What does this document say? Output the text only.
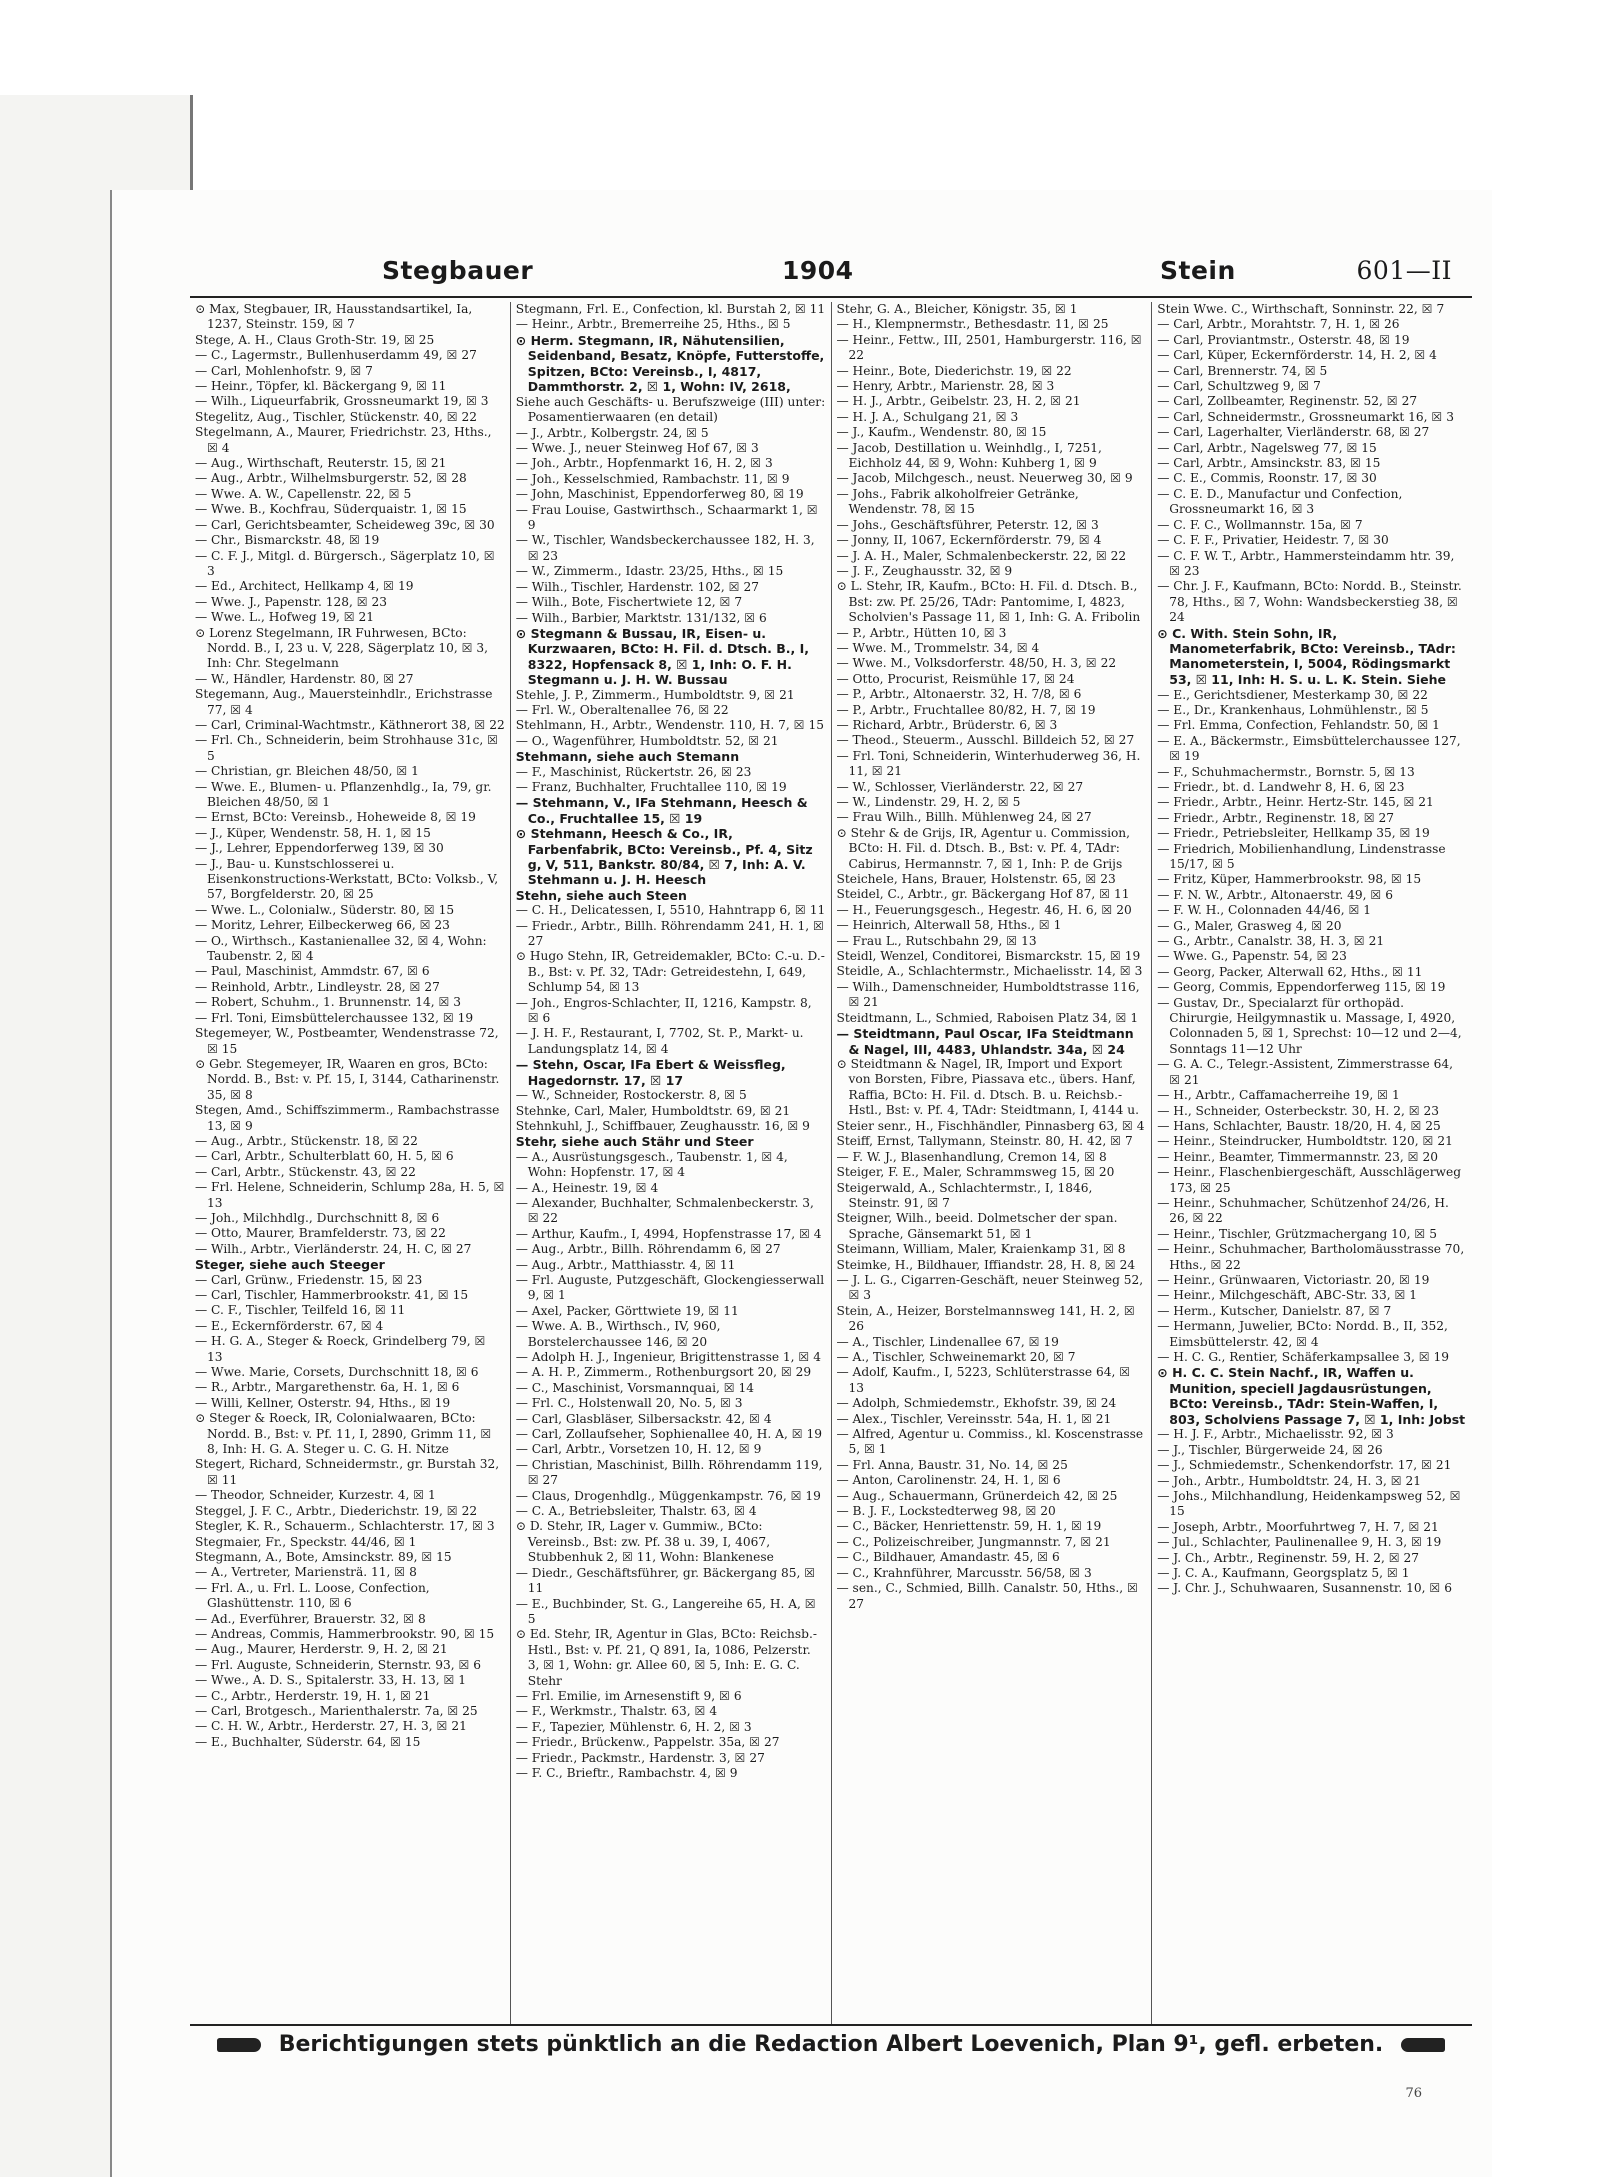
Stegbauer	1904	Stein	601—II

⊙ Max, Stegbauer, IR, Hausstandsartikel, Ia, 1237, Steinstr. 159, ☒ 7

Stege, A. H., Claus Groth-Str. 19, ☒ 25

— C., Lagermstr., Bullenhuserdamm 49, ☒ 27

— Carl, Mohlenhofstr. 9, ☒ 7

— Heinr., Töpfer, kl. Bäckergang 9, ☒ 11

— Wilh., Liqueurfabrik, Grossneumarkt 19, ☒ 3

Stegelitz, Aug., Tischler, Stückenstr. 40, ☒ 22

Stegelmann, A., Maurer, Friedrichstr. 23, Hths., ☒ 4

— Aug., Wirthschaft, Reuterstr. 15, ☒ 21

— Aug., Arbtr., Wilhelmsburgerstr. 52, ☒ 28

— Wwe. A. W., Capellenstr. 22, ☒ 5

— Wwe. B., Kochfrau, Süderquaistr. 1, ☒ 15

— Carl, Gerichtsbeamter, Scheideweg 39c, ☒ 30

— Chr., Bismarckstr. 48, ☒ 19

— C. F. J., Mitgl. d. Bürgersch., Sägerplatz 10, ☒ 3

— Ed., Architect, Hellkamp 4, ☒ 19

— Wwe. J., Papenstr. 128, ☒ 23

— Wwe. L., Hofweg 19, ☒ 21

⊙ Lorenz Stegelmann, IR Fuhrwesen, BCto: Nordd. B., I, 23 u. V, 228, Sägerplatz 10, ☒ 3, Inh: Chr. Stegelmann

— W., Händler, Hardenstr. 80, ☒ 27

Stegemann, Aug., Mauersteinhdlr., Erichstrasse 77, ☒ 4

— Carl, Criminal-Wachtmstr., Käthnerort 38, ☒ 22

— Frl. Ch., Schneiderin, beim Strohhause 31c, ☒ 5

— Christian, gr. Bleichen 48/50, ☒ 1

— Wwe. E., Blumen- u. Pflanzenhdlg., Ia, 79, gr. Bleichen 48/50, ☒ 1

— Ernst, BCto: Vereinsb., Hoheweide 8, ☒ 19

— J., Küper, Wendenstr. 58, H. 1, ☒ 15

— J., Lehrer, Eppendorferweg 139, ☒ 30

— J., Bau- u. Kunstschlosserei u. Eisenkonstructions-Werkstatt, BCto: Volksb., V, 57, Borgfelderstr. 20, ☒ 25

— Wwe. L., Colonialw., Süderstr. 80, ☒ 15

— Moritz, Lehrer, Eilbeckerweg 66, ☒ 23

— O., Wirthsch., Kastanienallee 32, ☒ 4, Wohn: Taubenstr. 2, ☒ 4

— Paul, Maschinist, Ammdstr. 67, ☒ 6

— Reinhold, Arbtr., Lindleystr. 28, ☒ 27

— Robert, Schuhm., 1. Brunnenstr. 14, ☒ 3

— Frl. Toni, Eimsbüttelerchaussee 132, ☒ 19

Stegemeyer, W., Postbeamter, Wendenstrasse 72, ☒ 15

⊙ Gebr. Stegemeyer, IR, Waaren en gros, BCto: Nordd. B., Bst: v. Pf. 15, I, 3144, Catharinenstr. 35, ☒ 8

Stegen, Amd., Schiffszimmerm., Rambachstrasse 13, ☒ 9

— Aug., Arbtr., Stückenstr. 18, ☒ 22

— Carl, Arbtr., Schulterblatt 60, H. 5, ☒ 6

— Carl, Arbtr., Stückenstr. 43, ☒ 22

— Frl. Helene, Schneiderin, Schlump 28a, H. 5, ☒ 13

— Joh., Milchhdlg., Durchschnitt 8, ☒ 6

— Otto, Maurer, Bramfelderstr. 73, ☒ 22

— Wilh., Arbtr., Vierländerstr. 24, H. C, ☒ 27

Steger, siehe auch Steeger

— Carl, Grünw., Friedenstr. 15, ☒ 23

— Carl, Tischler, Hammerbrookstr. 41, ☒ 15

— C. F., Tischler, Teilfeld 16, ☒ 11

— E., Eckernförderstr. 67, ☒ 4

— H. G. A., Steger & Roeck, Grindelberg 79, ☒ 13

— Wwe. Marie, Corsets, Durchschnitt 18, ☒ 6

— R., Arbtr., Margarethenstr. 6a, H. 1, ☒ 6

— Willi, Kellner, Osterstr. 94, Hths., ☒ 19

⊙ Steger & Roeck, IR, Colonialwaaren, BCto: Nordd. B., Bst: v. Pf. 11, I, 2890, Grimm 11, ☒ 8, Inh: H. G. A. Steger u. C. G. H. Nitze

Stegert, Richard, Schneidermstr., gr. Burstah 32, ☒ 11

— Theodor, Schneider, Kurzestr. 4, ☒ 1

Steggel, J. F. C., Arbtr., Diederichstr. 19, ☒ 22

Stegler, K. R., Schauerm., Schlachterstr. 17, ☒ 3

Stegmaier, Fr., Speckstr. 44/46, ☒ 1

Stegmann, A., Bote, Amsinckstr. 89, ☒ 15

— A., Vertreter, Mariensträ. 11, ☒ 8

— Frl. A., u. Frl. L. Loose, Confection, Glashüttenstr. 110, ☒ 6

— Ad., Everführer, Brauerstr. 32, ☒ 8

— Andreas, Commis, Hammerbrookstr. 90, ☒ 15

— Aug., Maurer, Herderstr. 9, H. 2, ☒ 21

— Frl. Auguste, Schneiderin, Sternstr. 93, ☒ 6

— Wwe., A. D. S., Spitalerstr. 33, H. 13, ☒ 1

— C., Arbtr., Herderstr. 19, H. 1, ☒ 21

— Carl, Brotgesch., Marienthalerstr. 7a, ☒ 25

— C. H. W., Arbtr., Herderstr. 27, H. 3, ☒ 21

— E., Buchhalter, Süderstr. 64, ☒ 15

Stegmann, Frl. E., Confection, kl. Burstah 2, ☒ 11

— Heinr., Arbtr., Bremerreihe 25, Hths., ☒ 5

⊙ Herm. Stegmann, IR, Nähutensilien, Seidenband, Besatz, Knöpfe, Futterstoffe, Spitzen, BCto: Vereinsb., I, 4817, Dammthorstr. 2, ☒ 1, Wohn: IV, 2618,

Siehe auch Geschäfts- u. Berufszweige (III) unter: Posamentierwaaren (en detail)

— J., Arbtr., Kolbergstr. 24, ☒ 5

— Wwe. J., neuer Steinweg Hof 67, ☒ 3

— Joh., Arbtr., Hopfenmarkt 16, H. 2, ☒ 3

— Joh., Kesselschmied, Rambachstr. 11, ☒ 9

— John, Maschinist, Eppendorferweg 80, ☒ 19

— Frau Louise, Gastwirthsch., Schaarmarkt 1, ☒ 9

— W., Tischler, Wandsbeckerchaussee 182, H. 3, ☒ 23

— W., Zimmerm., Idastr. 23/25, Hths., ☒ 15

— Wilh., Tischler, Hardenstr. 102, ☒ 27

— Wilh., Bote, Fischertwiete 12, ☒ 7

— Wilh., Barbier, Marktstr. 131/132, ☒ 6

⊙ Stegmann & Bussau, IR, Eisen- u. Kurzwaaren, BCto: H. Fil. d. Dtsch. B., I, 8322, Hopfensack 8, ☒ 1, Inh: O. F. H. Stegmann u. J. H. W. Bussau

Stehle, J. P., Zimmerm., Humboldtstr. 9, ☒ 21

— Frl. W., Oberaltenallee 76, ☒ 22

Stehlmann, H., Arbtr., Wendenstr. 110, H. 7, ☒ 15

— O., Wagenführer, Humboldtstr. 52, ☒ 21

Stehmann, siehe auch Stemann

— F., Maschinist, Rückertstr. 26, ☒ 23

— Franz, Buchhalter, Fruchtallee 110, ☒ 19

— Stehmann, V., IFa Stehmann, Heesch & Co., Fruchtallee 15, ☒ 19

⊙ Stehmann, Heesch & Co., IR, Farbenfabrik, BCto: Vereinsb., Pf. 4, Sitz g, V, 511, Bankstr. 80/84, ☒ 7, Inh: A. V. Stehmann u. J. H. Heesch

Stehn, siehe auch Steen

— C. H., Delicatessen, I, 5510, Hahntrapp 6, ☒ 11

— Friedr., Arbtr., Billh. Röhrendamm 241, H. 1, ☒ 27

⊙ Hugo Stehn, IR, Getreidemakler, BCto: C.-u. D.-B., Bst: v. Pf. 32, TAdr: Getreidestehn, I, 649, Schlump 54, ☒ 13

— Joh., Engros-Schlachter, II, 1216, Kampstr. 8, ☒ 6

— J. H. F., Restaurant, I, 7702, St. P., Markt- u. Landungsplatz 14, ☒ 4

— Stehn, Oscar, IFa Ebert & Weissfleg, Hagedornstr. 17, ☒ 17

— W., Schneider, Rostockerstr. 8, ☒ 5

Stehnke, Carl, Maler, Humboldtstr. 69, ☒ 21

Stehnkuhl, J., Schiffbauer, Zeughausstr. 16, ☒ 9

Stehr, siehe auch Stähr und Steer

— A., Ausrüstungsgesch., Taubenstr. 1, ☒ 4, Wohn: Hopfenstr. 17, ☒ 4

— A., Heinestr. 19, ☒ 4

— Alexander, Buchhalter, Schmalenbeckerstr. 3, ☒ 22

— Arthur, Kaufm., I, 4994, Hopfenstrasse 17, ☒ 4

— Aug., Arbtr., Billh. Röhrendamm 6, ☒ 27

— Aug., Arbtr., Matthiasstr. 4, ☒ 11

— Frl. Auguste, Putzgeschäft, Glockengiesserwall 9, ☒ 1

— Axel, Packer, Görttwiete 19, ☒ 11

— Wwe. A. B., Wirthsch., IV, 960, Borstelerchaussee 146, ☒ 20

— Adolph H. J., Ingenieur, Brigittenstrasse 1, ☒ 4

— A. H. P., Zimmerm., Rothenburgsort 20, ☒ 29

— C., Maschinist, Vorsmannquai, ☒ 14

— Frl. C., Holstenwall 20, No. 5, ☒ 3

— Carl, Glasbläser, Silbersackstr. 42, ☒ 4

— Carl, Zollaufseher, Sophienallee 40, H. A, ☒ 19

— Carl, Arbtr., Vorsetzen 10, H. 12, ☒ 9

— Christian, Maschinist, Billh. Röhrendamm 119, ☒ 27

— Claus, Drogenhdlg., Müggenkampstr. 76, ☒ 19

— C. A., Betriebsleiter, Thalstr. 63, ☒ 4

⊙ D. Stehr, IR, Lager v. Gummiw., BCto: Vereinsb., Bst: zw. Pf. 38 u. 39, I, 4067, Stubbenhuk 2, ☒ 11, Wohn: Blankenese

— Diedr., Geschäftsführer, gr. Bäckergang 85, ☒ 11

— E., Buchbinder, St. G., Langereihe 65, H. A, ☒ 5

⊙ Ed. Stehr, IR, Agentur in Glas, BCto: Reichsb.-Hstl., Bst: v. Pf. 21, Q 891, Ia, 1086, Pelzerstr. 3, ☒ 1, Wohn: gr. Allee 60, ☒ 5, Inh: E. G. C. Stehr

— Frl. Emilie, im Arnesenstift 9, ☒ 6

— F., Werkmstr., Thalstr. 63, ☒ 4

— F., Tapezier, Mühlenstr. 6, H. 2, ☒ 3

— Friedr., Brückenw., Pappelstr. 35a, ☒ 27

— Friedr., Packmstr., Hardenstr. 3, ☒ 27

— F. C., Brieftr., Rambachstr. 4, ☒ 9

Stehr, G. A., Bleicher, Königstr. 35, ☒ 1

— H., Klempnermstr., Bethesdastr. 11, ☒ 25

— Heinr., Fettw., III, 2501, Hamburgerstr. 116, ☒ 22

— Heinr., Bote, Diederichstr. 19, ☒ 22

— Henry, Arbtr., Marienstr. 28, ☒ 3

— H. J., Arbtr., Geibelstr. 23, H. 2, ☒ 21

— H. J. A., Schulgang 21, ☒ 3

— J., Kaufm., Wendenstr. 80, ☒ 15

— Jacob, Destillation u. Weinhdlg., I, 7251, Eichholz 44, ☒ 9, Wohn: Kuhberg 1, ☒ 9

— Jacob, Milchgesch., neust. Neuerweg 30, ☒ 9

— Johs., Fabrik alkoholfreier Getränke, Wendenstr. 78, ☒ 15

— Johs., Geschäftsführer, Peterstr. 12, ☒ 3

— Jonny, II, 1067, Eckernförderstr. 79, ☒ 4

— J. A. H., Maler, Schmalenbeckerstr. 22, ☒ 22

— J. F., Zeughausstr. 32, ☒ 9

⊙ L. Stehr, IR, Kaufm., BCto: H. Fil. d. Dtsch. B., Bst: zw. Pf. 25/26, TAdr: Pantomime, I, 4823, Scholvien's Passage 11, ☒ 1, Inh: G. A. Fribolin

— P., Arbtr., Hütten 10, ☒ 3

— Wwe. M., Trommelstr. 34, ☒ 4

— Wwe. M., Volksdorferstr. 48/50, H. 3, ☒ 22

— Otto, Procurist, Reismühle 17, ☒ 24

— P., Arbtr., Altonaerstr. 32, H. 7/8, ☒ 6

— P., Arbtr., Fruchtallee 80/82, H. 7, ☒ 19

— Richard, Arbtr., Brüderstr. 6, ☒ 3

— Theod., Steuerm., Ausschl. Billdeich 52, ☒ 27

— Frl. Toni, Schneiderin, Winterhuderweg 36, H. 11, ☒ 21

— W., Schlosser, Vierländerstr. 22, ☒ 27

— W., Lindenstr. 29, H. 2, ☒ 5

— Frau Wilh., Billh. Mühlenweg 24, ☒ 27

⊙ Stehr & de Grijs, IR, Agentur u. Commission, BCto: H. Fil. d. Dtsch. B., Bst: v. Pf. 4, TAdr: Cabirus, Hermannstr. 7, ☒ 1, Inh: P. de Grijs

Steichele, Hans, Brauer, Holstenstr. 65, ☒ 23

Steidel, C., Arbtr., gr. Bäckergang Hof 87, ☒ 11

— H., Feuerungsgesch., Hegestr. 46, H. 6, ☒ 20

— Heinrich, Alterwall 58, Hths., ☒ 1

— Frau L., Rutschbahn 29, ☒ 13

Steidl, Wenzel, Conditorei, Bismarckstr. 15, ☒ 19

Steidle, A., Schlachtermstr., Michaelisstr. 14, ☒ 3

— Wilh., Damenschneider, Humboldtstrasse 116, ☒ 21

Steidtmann, L., Schmied, Raboisen Platz 34, ☒ 1

— Steidtmann, Paul Oscar, IFa Steidtmann & Nagel, III, 4483, Uhlandstr. 34a, ☒ 24

⊙ Steidtmann & Nagel, IR, Import und Export von Borsten, Fibre, Piassava etc., übers. Hanf, Raffia, BCto: H. Fil. d. Dtsch. B. u. Reichsb.-Hstl., Bst: v. Pf. 4, TAdr: Steidtmann, I, 4144 u.

Steier senr., H., Fischhändler, Pinnasberg 63, ☒ 4

Steiff, Ernst, Tallymann, Steinstr. 80, H. 42, ☒ 7

— F. W. J., Blasenhandlung, Cremon 14, ☒ 8

Steiger, F. E., Maler, Schrammsweg 15, ☒ 20

Steigerwald, A., Schlachtermstr., I, 1846, Steinstr. 91, ☒ 7

Steigner, Wilh., beeid. Dolmetscher der span. Sprache, Gänsemarkt 51, ☒ 1

Steimann, William, Maler, Kraienkamp 31, ☒ 8

Steimke, H., Bildhauer, Iffiandstr. 28, H. 8, ☒ 24

— J. L. G., Cigarren-Geschäft, neuer Steinweg 52, ☒ 3

Stein, A., Heizer, Borstelmannsweg 141, H. 2, ☒ 26

— A., Tischler, Lindenallee 67, ☒ 19

— A., Tischler, Schweinemarkt 20, ☒ 7

— Adolf, Kaufm., I, 5223, Schlüterstrasse 64, ☒ 13

— Adolph, Schmiedemstr., Ekhofstr. 39, ☒ 24

— Alex., Tischler, Vereinsstr. 54a, H. 1, ☒ 21

— Alfred, Agentur u. Commiss., kl. Koscenstrasse 5, ☒ 1

— Frl. Anna, Baustr. 31, No. 14, ☒ 25

— Anton, Carolinenstr. 24, H. 1, ☒ 6

— Aug., Schauermann, Grünerdeich 42, ☒ 25

— B. J. F., Lockstedterweg 98, ☒ 20

— C., Bäcker, Henriettenstr. 59, H. 1, ☒ 19

— C., Polizeischreiber, Jungmannstr. 7, ☒ 21

— C., Bildhauer, Amandastr. 45, ☒ 6

— C., Krahnführer, Marcusstr. 56/58, ☒ 3

— sen., C., Schmied, Billh. Canalstr. 50, Hths., ☒ 27

Stein Wwe. C., Wirthschaft, Sonninstr. 22, ☒ 7

— Carl, Arbtr., Morahtstr. 7, H. 1, ☒ 26

— Carl, Proviantmstr., Osterstr. 48, ☒ 19

— Carl, Küper, Eckernförderstr. 14, H. 2, ☒ 4

— Carl, Brennerstr. 74, ☒ 5

— Carl, Schultzweg 9, ☒ 7

— Carl, Zollbeamter, Reginenstr. 52, ☒ 27

— Carl, Schneidermstr., Grossneumarkt 16, ☒ 3

— Carl, Lagerhalter, Vierländerstr. 68, ☒ 27

— Carl, Arbtr., Nagelsweg 77, ☒ 15

— Carl, Arbtr., Amsinckstr. 83, ☒ 15

— C. E., Commis, Roonstr. 17, ☒ 30

— C. E. D., Manufactur und Confection, Grossneumarkt 16, ☒ 3

— C. F. C., Wollmannstr. 15a, ☒ 7

— C. F. F., Privatier, Heidestr. 7, ☒ 30

— C. F. W. T., Arbtr., Hammersteindamm htr. 39, ☒ 23

— Chr. J. F., Kaufmann, BCto: Nordd. B., Steinstr. 78, Hths., ☒ 7, Wohn: Wandsbeckerstieg 38, ☒ 24

⊙ C. With. Stein Sohn, IR, Manometerfabrik, BCto: Vereinsb., TAdr: Manometerstein, I, 5004, Rödingsmarkt 53, ☒ 11, Inh: H. S. u. L. K. Stein. Siehe

— E., Gerichtsdiener, Mesterkamp 30, ☒ 22

— E., Dr., Krankenhaus, Lohmühlenstr., ☒ 5

— Frl. Emma, Confection, Fehlandstr. 50, ☒ 1

— E. A., Bäckermstr., Eimsbüttelerchaussee 127, ☒ 19

— F., Schuhmachermstr., Bornstr. 5, ☒ 13

— Friedr., bt. d. Landwehr 8, H. 6, ☒ 23

— Friedr., Arbtr., Heinr. Hertz-Str. 145, ☒ 21

— Friedr., Arbtr., Reginenstr. 18, ☒ 27

— Friedr., Petriebsleiter, Hellkamp 35, ☒ 19

— Friedrich, Mobilienhandlung, Lindenstrasse 15/17, ☒ 5

— Fritz, Küper, Hammerbrookstr. 98, ☒ 15

— F. N. W., Arbtr., Altonaerstr. 49, ☒ 6

— F. W. H., Colonnaden 44/46, ☒ 1

— G., Maler, Grasweg 4, ☒ 20

— G., Arbtr., Canalstr. 38, H. 3, ☒ 21

— Wwe. G., Papenstr. 54, ☒ 23

— Georg, Packer, Alterwall 62, Hths., ☒ 11

— Georg, Commis, Eppendorferweg 115, ☒ 19

— Gustav, Dr., Specialarzt für orthopäd. Chirurgie, Heilgymnastik u. Massage, I, 4920, Colonnaden 5, ☒ 1, Sprechst: 10—12 und 2—4, Sonntags 11—12 Uhr

— G. A. C., Telegr.-Assistent, Zimmerstrasse 64, ☒ 21

— H., Arbtr., Caffamacherreihe 19, ☒ 1

— H., Schneider, Osterbeckstr. 30, H. 2, ☒ 23

— Hans, Schlachter, Baustr. 18/20, H. 4, ☒ 25

— Heinr., Steindrucker, Humboldtstr. 120, ☒ 21

— Heinr., Beamter, Timmermannstr. 23, ☒ 20

— Heinr., Flaschenbiergeschäft, Ausschlägerweg 173, ☒ 25

— Heinr., Schuhmacher, Schützenhof 24/26, H. 26, ☒ 22

— Heinr., Tischler, Grützmachergang 10, ☒ 5

— Heinr., Schuhmacher, Bartholomäusstrasse 70, Hths., ☒ 22

— Heinr., Grünwaaren, Victoriastr. 20, ☒ 19

— Heinr., Milchgeschäft, ABC-Str. 33, ☒ 1

— Herm., Kutscher, Danielstr. 87, ☒ 7

— Hermann, Juwelier, BCto: Nordd. B., II, 352, Eimsbüttelerstr. 42, ☒ 4

— H. C. G., Rentier, Schäferkampsallee 3, ☒ 19

⊙ H. C. C. Stein Nachf., IR, Waffen u. Munition, speciell Jagdausrüstungen, BCto: Vereinsb., TAdr: Stein-Waffen, I, 803, Scholviens Passage 7, ☒ 1, Inh: Jobst

— H. J. F., Arbtr., Michaelisstr. 92, ☒ 3

— J., Tischler, Bürgerweide 24, ☒ 26

— J., Schmiedemstr., Schenkendorfstr. 17, ☒ 21

— Joh., Arbtr., Humboldtstr. 24, H. 3, ☒ 21

— Johs., Milchhandlung, Heidenkampsweg 52, ☒ 15

— Joseph, Arbtr., Moorfuhrtweg 7, H. 7, ☒ 21

— Jul., Schlachter, Paulinenallee 9, H. 3, ☒ 19

— J. Ch., Arbtr., Reginenstr. 59, H. 2, ☒ 27

— J. C. A., Kaufmann, Georgsplatz 5, ☒ 1

— J. Chr. J., Schuhwaaren, Susannenstr. 10, ☒ 6

Berichtigungen stets pünktlich an die Redaction Albert Loevenich, Plan 9¹, gefl. erbeten.
76
